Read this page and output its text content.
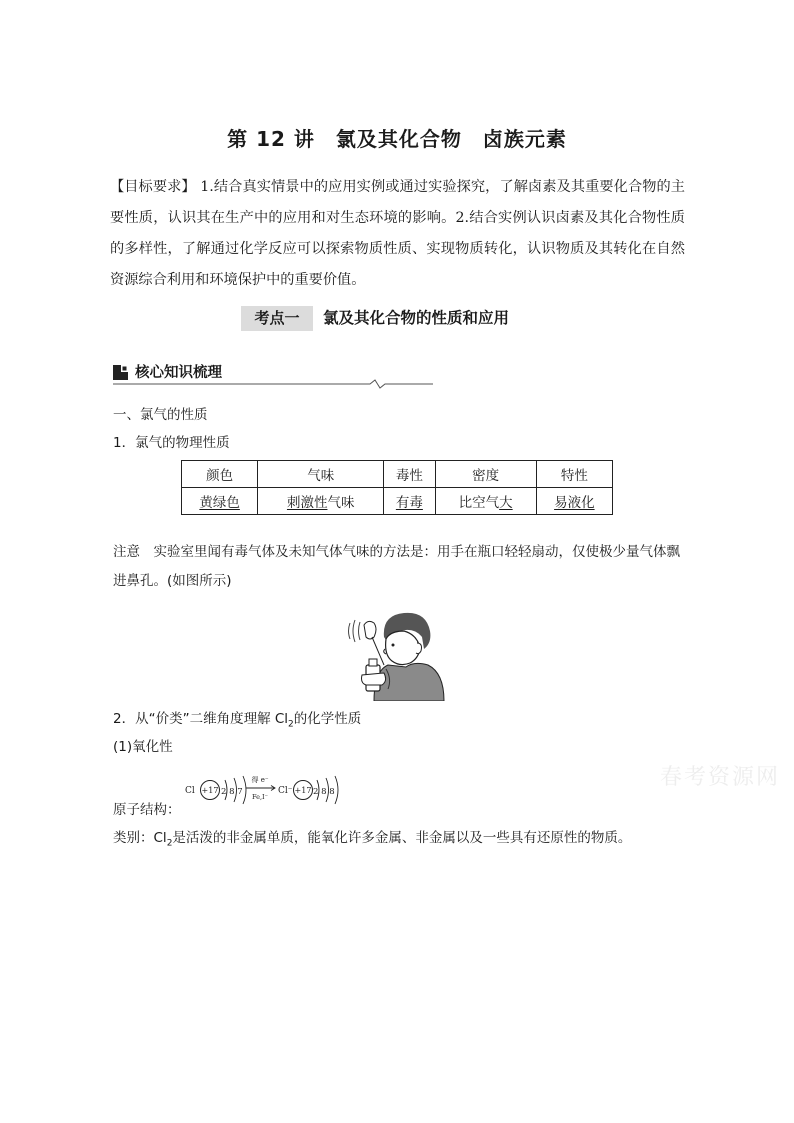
第 12 讲　氯及其化合物　卤族元素
【目标要求】 1.结合真实情景中的应用实例或通过实验探究，了解卤素及其重要化合物的主要性质，认识其在生产中的应用和对生态环境的影响。2.结合实例认识卤素及其化合物性质的多样性，了解通过化学反应可以探索物质性质、实现物质转化，认识物质及其转化在自然资源综合利用和环境保护中的重要价值。
考点一	氯及其化合物的性质和应用
核心知识梳理
一、氯气的性质
1．氯气的物理性质
颜色	气味	毒性	密度	特性
黄绿色	刺激性气味	有毒	比空气大	易液化
注意　实验室里闻有毒气体及未知气体气味的方法是：用手在瓶口轻轻扇动，仅使极少量气体飘进鼻孔。(如图所示)
2．从“价类”二维角度理解 $Cl_2$的化学性质
(1)氧化性
Cl +17 2 8 7
得 e⁻
Fe,I⁻
Cl⁻ +17 2 8 8
原子结构：
类别：$Cl_2$是活泼的非金属单质，能氧化许多金属、非金属以及一些具有还原性的物质。
春考资源网
